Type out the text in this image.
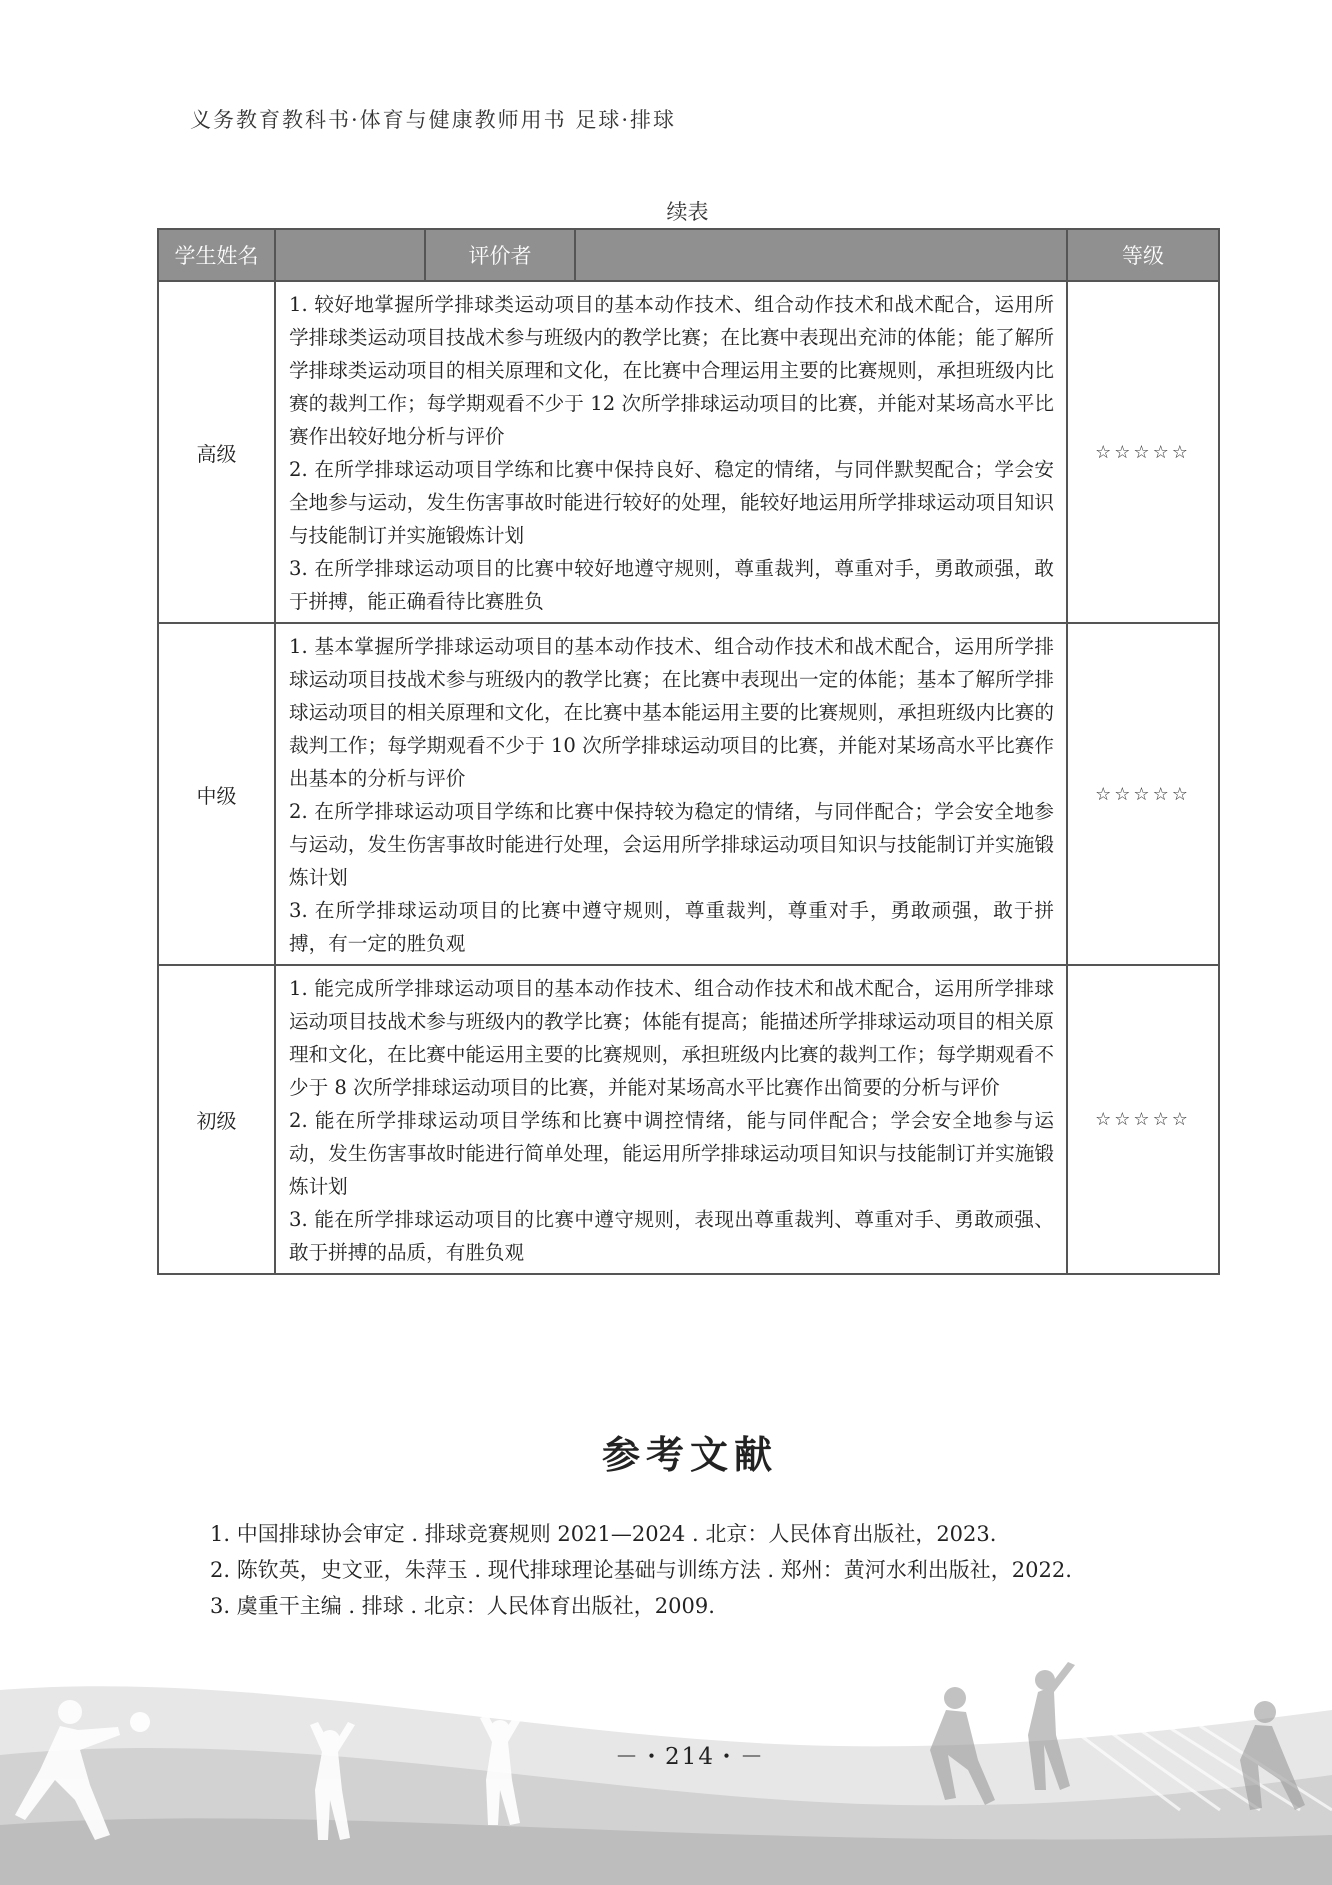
义务教育教科书·体育与健康教师用书 足球·排球
续表
学生姓名		评价者		等级
高级	1. 较好地掌握所学排球类运动项目的基本动作技术、组合动作技术和战术配合，运用所学排球类运动项目技战术参与班级内的教学比赛；在比赛中表现出充沛的体能；能了解所学排球类运动项目的相关原理和文化，在比赛中合理运用主要的比赛规则，承担班级内比赛的裁判工作；每学期观看不少于 12 次所学排球运动项目的比赛，并能对某场高水平比赛作出较好地分析与评价

2. 在所学排球运动项目学练和比赛中保持良好、稳定的情绪，与同伴默契配合；学会安全地参与运动，发生伤害事故时能进行较好的处理，能较好地运用所学排球运动项目知识与技能制订并实施锻炼计划

3. 在所学排球运动项目的比赛中较好地遵守规则，尊重裁判，尊重对手，勇敢顽强，敢于拼搏，能正确看待比赛胜负			☆☆☆☆☆
中级	1. 基本掌握所学排球运动项目的基本动作技术、组合动作技术和战术配合，运用所学排球运动项目技战术参与班级内的教学比赛；在比赛中表现出一定的体能；基本了解所学排球运动项目的相关原理和文化，在比赛中基本能运用主要的比赛规则，承担班级内比赛的裁判工作；每学期观看不少于 10 次所学排球运动项目的比赛，并能对某场高水平比赛作出基本的分析与评价

2. 在所学排球运动项目学练和比赛中保持较为稳定的情绪，与同伴配合；学会安全地参与运动，发生伤害事故时能进行处理，会运用所学排球运动项目知识与技能制订并实施锻炼计划

3. 在所学排球运动项目的比赛中遵守规则，尊重裁判，尊重对手，勇敢顽强，敢于拼搏，有一定的胜负观			☆☆☆☆☆
初级	1. 能完成所学排球运动项目的基本动作技术、组合动作技术和战术配合，运用所学排球运动项目技战术参与班级内的教学比赛；体能有提高；能描述所学排球运动项目的相关原理和文化，在比赛中能运用主要的比赛规则，承担班级内比赛的裁判工作；每学期观看不少于 8 次所学排球运动项目的比赛，并能对某场高水平比赛作出简要的分析与评价

2. 能在所学排球运动项目学练和比赛中调控情绪，能与同伴配合；学会安全地参与运动，发生伤害事故时能进行简单处理，能运用所学排球运动项目知识与技能制订并实施锻炼计划

3. 能在所学排球运动项目的比赛中遵守规则，表现出尊重裁判、尊重对手、勇敢顽强、敢于拼搏的品质，有胜负观			☆☆☆☆☆
参考文献

1. 中国排球协会审定 . 排球竞赛规则 2021—2024 . 北京：人民体育出版社，2023.

2. 陈钦英，史文亚，朱萍玉 . 现代排球理论基础与训练方法 . 郑州：黄河水利出版社，2022.

3. 虞重干主编 . 排球 . 北京：人民体育出版社，2009.

－・214・－
